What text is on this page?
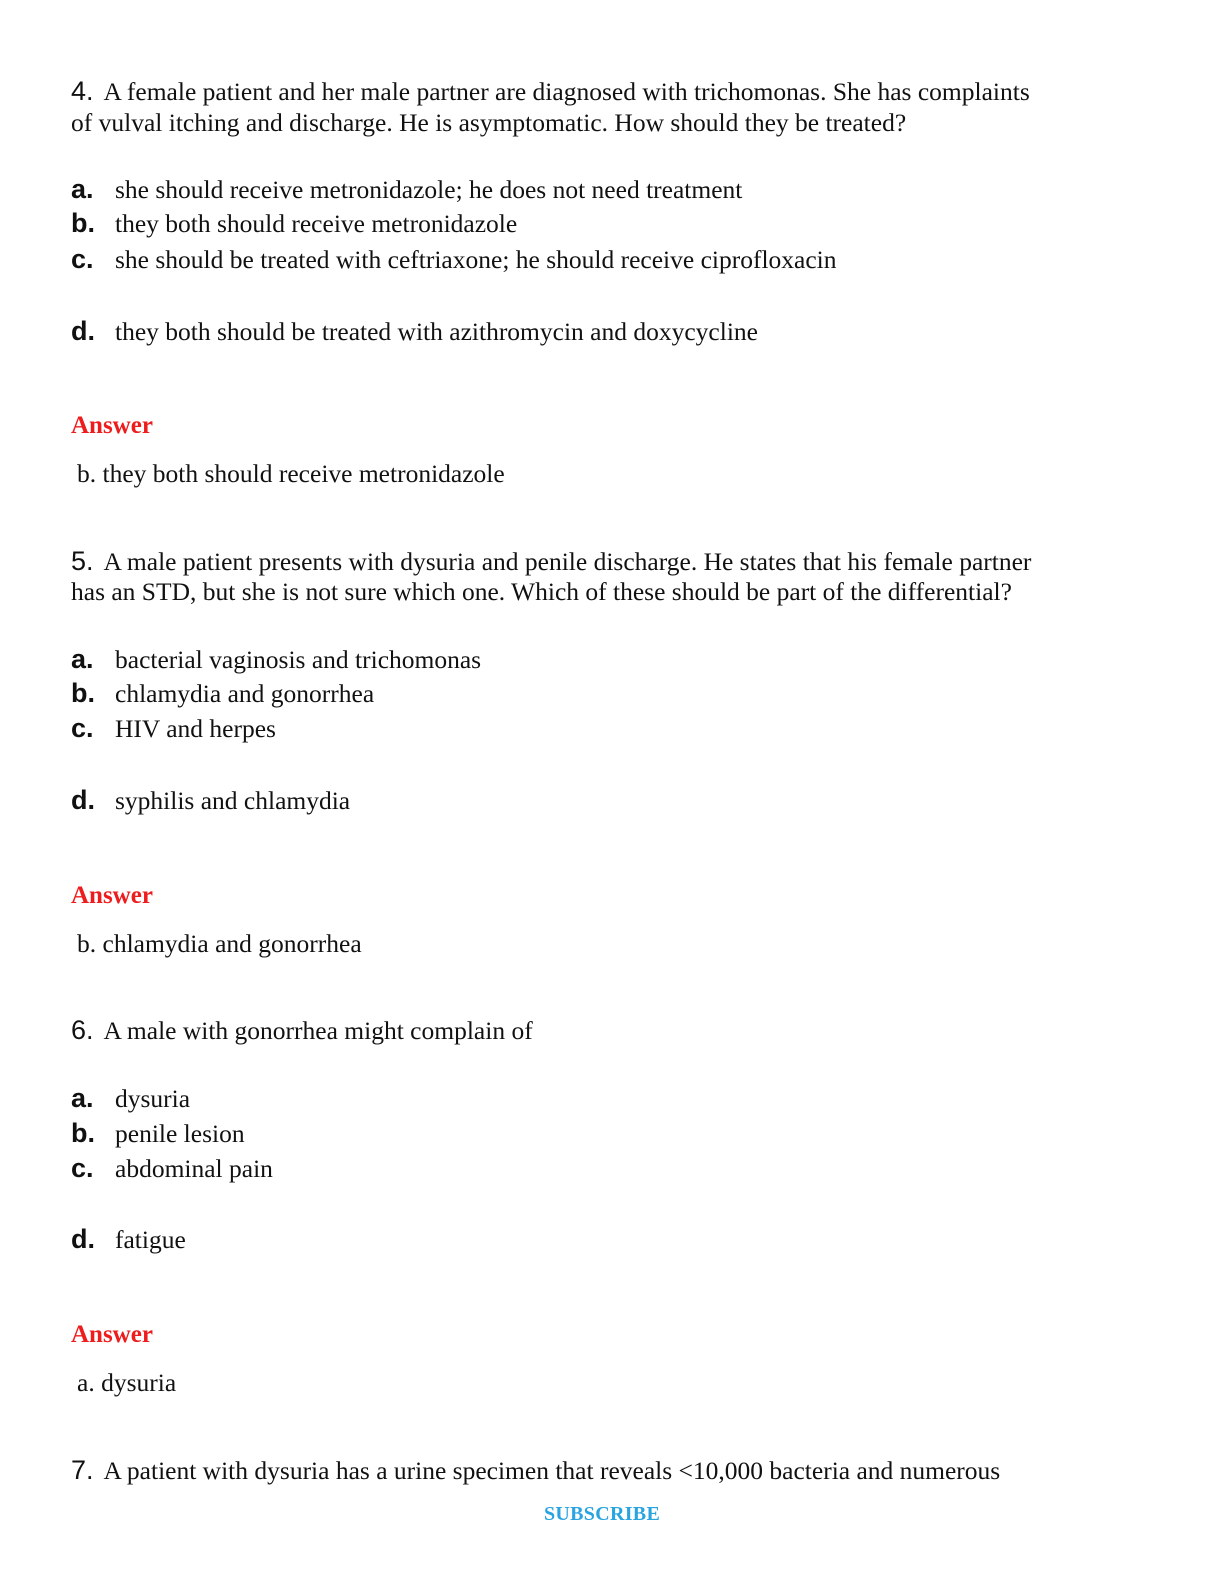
4. A female patient and her male partner are diagnosed with trichomonas. She has complaints
of vulval itching and discharge. He is asymptomatic. How should they be treated?
a. she should receive metronidazole; he does not need treatment
b. they both should receive metronidazole
c. she should be treated with ceftriaxone; he should receive ciprofloxacin
d. they both should be treated with azithromycin and doxycycline
Answer
b. they both should receive metronidazole
5. A male patient presents with dysuria and penile discharge. He states that his female partner
has an STD, but she is not sure which one. Which of these should be part of the differential?
a. bacterial vaginosis and trichomonas
b. chlamydia and gonorrhea
c. HIV and herpes
d. syphilis and chlamydia
Answer
b. chlamydia and gonorrhea
6. A male with gonorrhea might complain of
a. dysuria
b. penile lesion
c. abdominal pain
d. fatigue
Answer
a. dysuria
7. A patient with dysuria has a urine specimen that reveals <10,000 bacteria and numerous
SUBSCRIBE
